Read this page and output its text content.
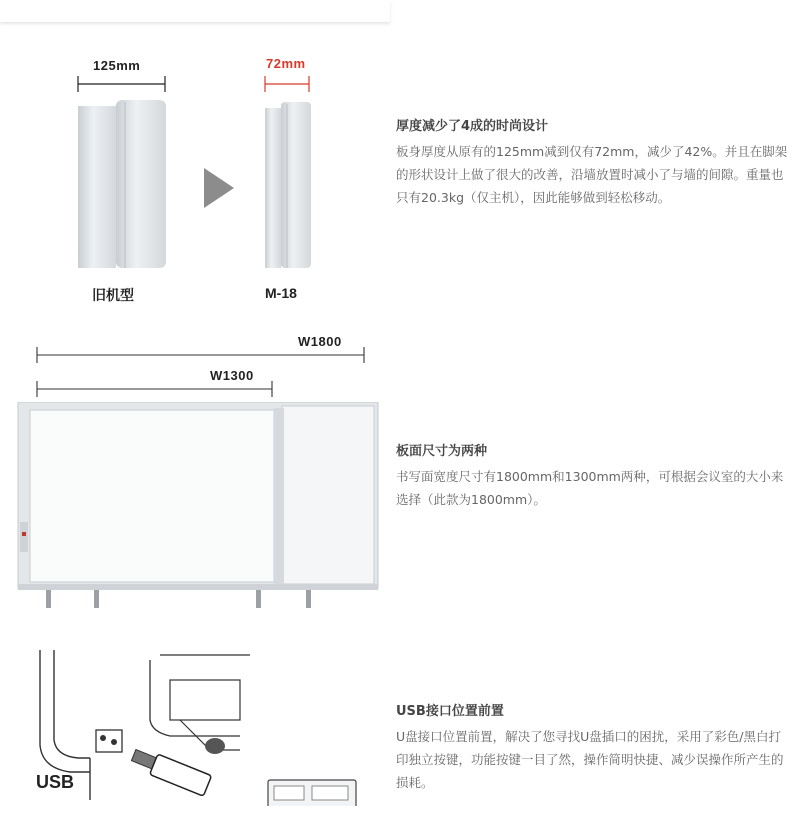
125mm	72mm
旧机型	M-18
厚度减少了4成的时尚设计
板身厚度从原有的125mm减到仅有72mm，减少了42%。并且在脚架的形状设计上做了很大的改善，沿墙放置时减小了与墙的间隙。重量也只有20.3kg（仅主机），因此能够做到轻松移动。
W1800
W1300
板面尺寸为两种
书写面宽度尺寸有1800mm和1300mm两种，可根据会议室的大小来选择（此款为1800mm）。
USB
USB接口位置前置
U盘接口位置前置，解决了您寻找U盘插口的困扰，采用了彩色/黑白打印独立按键，功能按键一目了然，操作简明快捷、减少误操作所产生的损耗。
